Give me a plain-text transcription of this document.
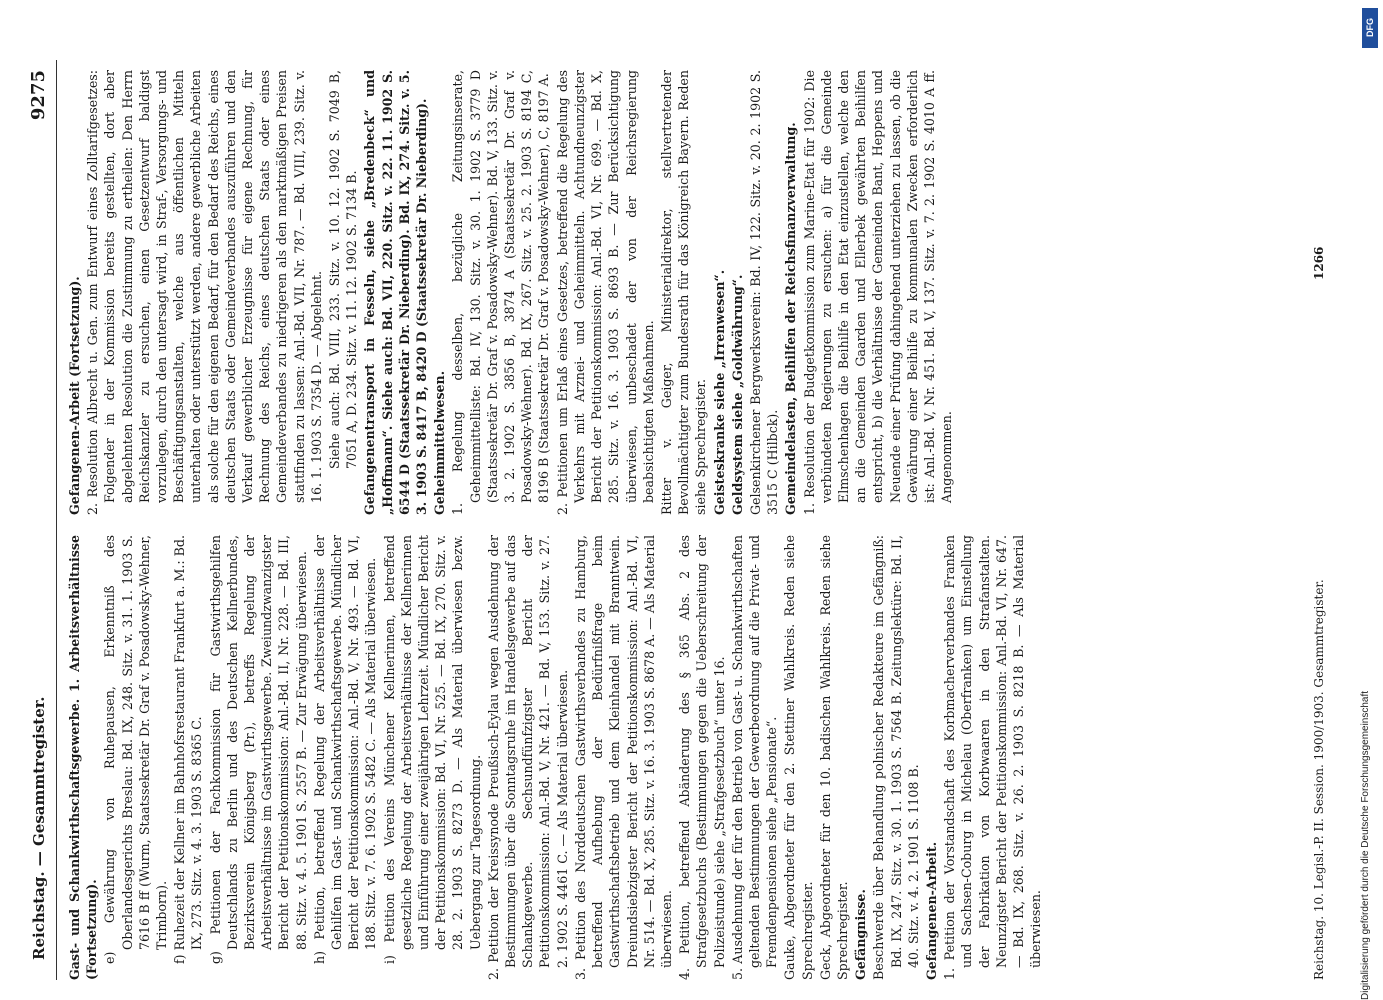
Reichstag. — Gesammtregister.
9275

Gast- und Schankwirthschaftsgewerbe. 1. Arbeitsverhältnisse (Fortsetzung). e) Gewährung von Ruhepausen, Erkenntniß des Oberlandesgerichts Breslau: Bd. IX, 248. Sitz. v. 31. 1. 1903 S. 7616 B ff (Wurm, Staatssekretär Dr. Graf v. Posadowsky-Wehner, Trimborn). f) Ruhezeit der Kellner im Bahnhofsrestaurant Frankfurt a. M.: Bd. IX, 273. Sitz. v. 4. 3. 1903 S. 8365 C. g) Petitionen der Fachkommission für Gastwirthsgehilfen Deutschlands zu Berlin und des Deutschen Kellnerbundes, Bezirksverein Königsberg (Pr.), betreffs Regelung der Arbeitsverhältnisse im Gastwirthsgewerbe. Zweiundzwanzigster Bericht der Petitionskommission: Anl.-Bd. II, Nr. 228. — Bd. III, 88. Sitz. v. 4. 5. 1901 S. 2557 B. — Zur Erwägung überwiesen. h) Petition, betreffend Regelung der Arbeitsverhältnisse der Gehilfen im Gast- und Schankwirthschaftsgewerbe. Mündlicher Bericht der Petitionskommission: Anl.-Bd. V, Nr. 493. — Bd. VI, 188. Sitz. v. 7. 6. 1902 S. 5482 C. — Als Material überwiesen. i) Petition des Vereins Münchener Kellnerinnen, betreffend gesetzliche Regelung der Arbeitsverhältnisse der Kellnerinnen und Einführung einer zweijährigen Lehrzeit. Mündlicher Bericht der Petitionskommission: Bd. VI, Nr. 525. — Bd. IX, 270. Sitz. v. 28. 2. 1903 S. 8273 D. — Als Material überwiesen bezw. Uebergang zur Tagesordnung. 2. Petition der Kreissynode Preußisch-Eylau wegen Ausdehnung der Bestimmungen über die Sonntagsruhe im Handelsgewerbe auf das Schankgewerbe. Sechsundfünfzigster Bericht der Petitionskommission: Anl.-Bd. V, Nr. 421. — Bd. V, 153. Sitz. v. 27. 2. 1902 S. 4461 C. — Als Material überwiesen. 3. Petition des Norddeutschen Gastwirthsverbandes zu Hamburg, betreffend Aufhebung der Bedürfnißfrage beim Gastwirthschaftsbetrieb und dem Kleinhandel mit Branntwein. Dreiundsiebzigster Bericht der Petitionskommission: Anl.-Bd. VI, Nr. 514. — Bd. X, 285. Sitz. v. 16. 3. 1903 S. 8678 A. — Als Material überwiesen. 4. Petition, betreffend Abänderung des § 365 Abs. 2 des Strafgesetzbuchs (Bestimmungen gegen die Ueberschreitung der Polizeistunde) siehe „Strafgesetzbuch“ unter 16. 5. Ausdehnung der für den Betrieb von Gast- u. Schankwirthschaften geltenden Bestimmungen der Gewerbeordnung auf die Privat- und Fremdenpensionen siehe „Pensionate“. Gauke, Abgeordneter für den 2. Stettiner Wahlkreis. Reden siehe Sprechregister. Geck, Abgeordneter für den 10. badischen Wahlkreis. Reden siehe Sprechregister. Gefängnisse. Beschwerde über Behandlung polnischer Redakteure im Gefängniß: Bd. IX, 247. Sitz. v. 30. 1. 1903 S. 7564 B. Zeitungslektüre: Bd. II, 40. Sitz. v. 4. 2. 1901 S. 1108 B. Gefangenen-Arbeit. 1. Petition der Vorstandschaft des Korbmacherverbandes Franken und Sachsen-Coburg in Michelau (Oberfranken) um Einstellung der Fabrikation von Korbwaaren in den Strafanstalten. Neunzigster Bericht der Petitionskommission: Anl.-Bd. VI, Nr. 647. — Bd. IX, 268. Sitz. v. 26. 2. 1903 S. 8218 B. — Als Material überwiesen.

Gefangenen-Arbeit (Fortsetzung). 2. Resolution Albrecht u. Gen. zum Entwurf eines Zolltarifgesetzes: Folgender in der Kommission bereits gestellten, dort aber abgelehnten Resolution die Zustimmung zu ertheilen: Den Herrn Reichskanzler zu ersuchen, einen Gesetzentwurf baldigst vorzulegen, durch den untersagt wird, in Straf-, Versorgungs- und Beschäftigungsanstalten, welche aus öffentlichen Mitteln unterhalten oder unterstützt werden, andere gewerbliche Arbeiten als solche für den eigenen Bedarf, für den Bedarf des Reichs, eines deutschen Staats oder Gemeindeverbandes auszuführen und den Verkauf gewerblicher Erzeugnisse für eigene Rechnung, für Rechnung des Reichs, eines deutschen Staats oder eines Gemeindeverbandes zu niedrigeren als den marktmäßigen Preisen stattfinden zu lassen: Anl.-Bd. VII, Nr. 787. — Bd. VIII, 239. Sitz. v. 16. 1. 1903 S. 7354 D. — Abgelehnt. Siehe auch: Bd. VIII, 233. Sitz. v. 10. 12. 1902 S. 7049 B, 7051 A, D. 234. Sitz. v. 11. 12. 1902 S. 7134 B. Gefangenentransport in Fesseln, siehe „Bredenbeck“ und „Hoffmann“. Siehe auch: Bd. VII, 220. Sitz. v. 22. 11. 1902 S. 6544 D (Staatssekretär Dr. Nieberding). Bd. IX, 274. Sitz. v. 5. 3. 1903 S. 8417 B, 8420 D (Staatssekretär Dr. Nieberding). Geheimmittelwesen. 1. Regelung desselben, bezügliche Zeitungsinserate, Geheimmittelliste: Bd. IV, 130. Sitz. v. 30. 1. 1902 S. 3779 D (Staatssekretär Dr. Graf v. Posadowsky-Wehner). Bd. V, 133. Sitz. v. 3. 2. 1902 S. 3856 B, 3874 A (Staatssekretär Dr. Graf v. Posadowsky-Wehner). Bd. IX, 267. Sitz. v. 25. 2. 1903 S. 8194 C, 8196 B (Staatssekretär Dr. Graf v. Posadowsky-Wehner), C, 8197 A. 2. Petitionen um Erlaß eines Gesetzes, betreffend die Regelung des Verkehrs mit Arznei- und Geheimmitteln. Achtundneunzigster Bericht der Petitionskommission: Anl.-Bd. VI, Nr. 699. — Bd. X, 285. Sitz. v. 16. 3. 1903 S. 8693 B. — Zur Berücksichtigung überwiesen, unbeschadet der von der Reichsregierung beabsichtigten Maßnahmen. Ritter v. Geiger, Ministerialdirektor, stellvertretender Bevollmächtigter zum Bundesrath für das Königreich Bayern. Reden siehe Sprechregister. Geisteskranke siehe „Irrenwesen“. Geldsystem siehe „Goldwährung“. Gelsenkirchener Bergwerksverein: Bd. IV, 122. Sitz. v. 20. 2. 1902 S. 3515 C (Hilbck). Gemeindelasten, Beihilfen der Reichsfinanzverwaltung. 1. Resolution der Budgetkommission zum Marine-Etat für 1902: Die verbündeten Regierungen zu ersuchen: a) für die Gemeinde Elmschenhagen die Beihilfe in den Etat einzustellen, welche den an die Gemeinden Gaarden und Ellerbek gewährten Beihilfen entspricht, b) die Verhältnisse der Gemeinden Bant, Heppens und Neuende einer Prüfung dahingehend unterziehen zu lassen, ob die Gewährung einer Beihilfe zu kommunalen Zwecken erforderlich ist: Anl.-Bd. V, Nr. 451. Bd. V, 137. Sitz. v. 7. 2. 1902 S. 4010 A ff. Angenommen.

Reichstag. 10. Legisl.-P. II. Session. 1900/1903. Gesammtregister.
1266
Digitalisierung gefördert durch die Deutsche Forschungsgemeinschaft
DFG
